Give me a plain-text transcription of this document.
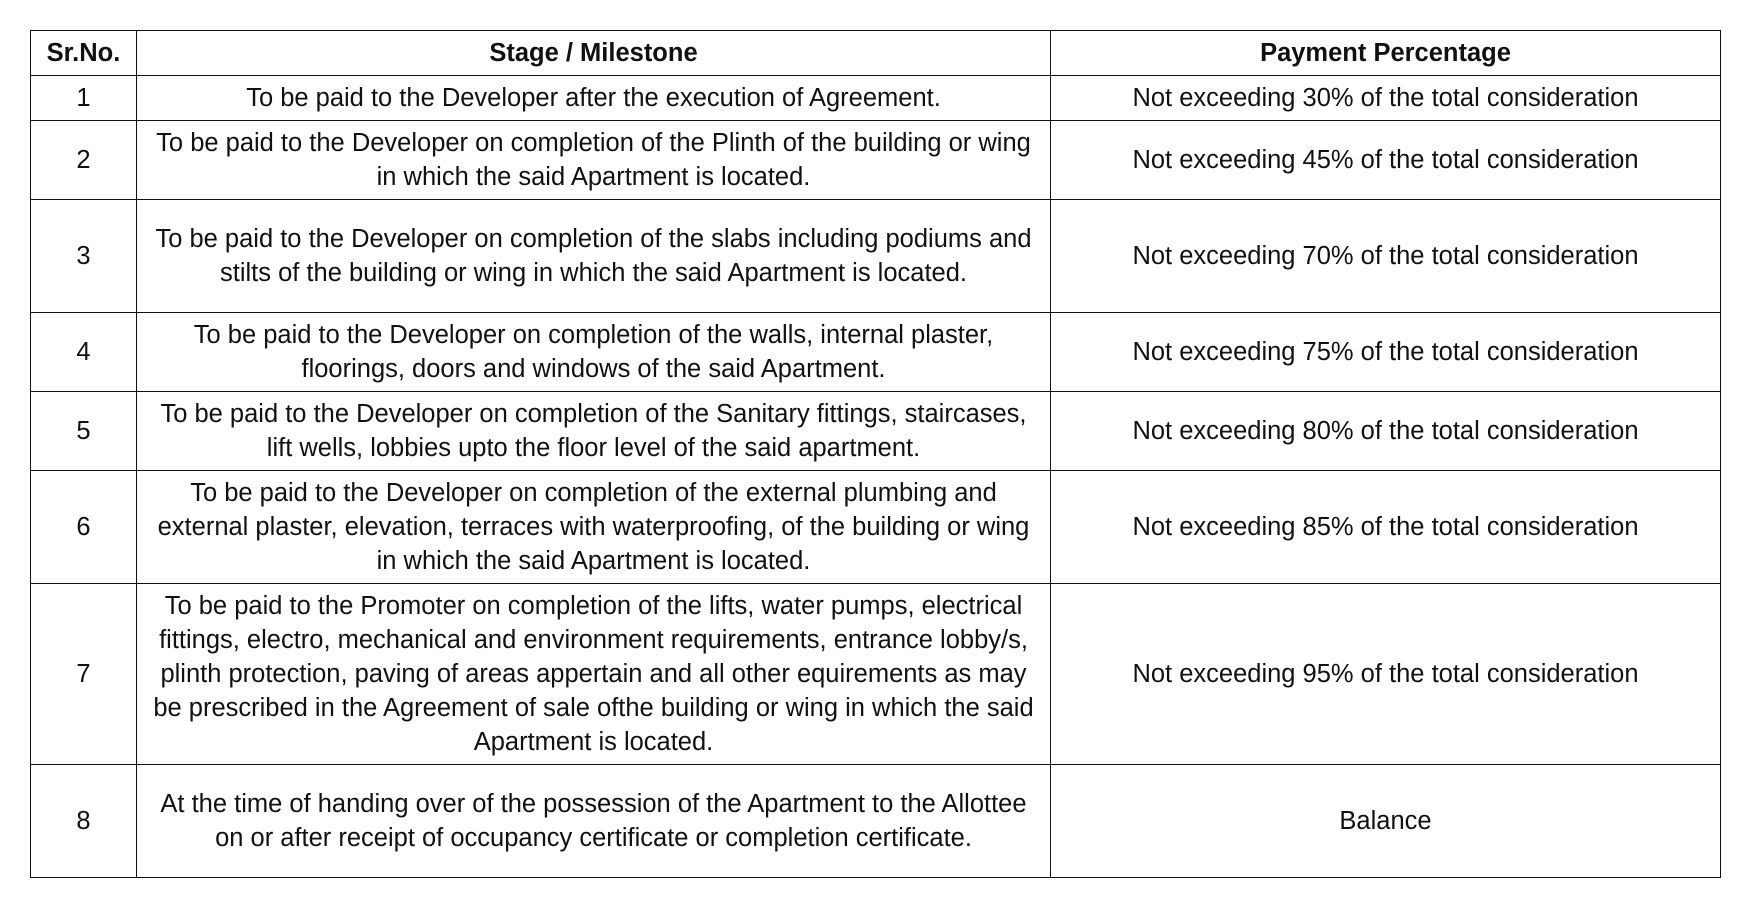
Sr.No.	Stage / Milestone	Payment Percentage
1	To be paid to the Developer after the execution of Agreement.	Not exceeding 30% of the total consideration
2	To be paid to the Developer on completion of the Plinth of the building or wing in which the said Apartment is located.	Not exceeding 45% of the total consideration
3	To be paid to the Developer on completion of the slabs including podiums and stilts of the building or wing in which the said Apartment is located.	Not exceeding 70% of the total consideration
4	To be paid to the Developer on completion of the walls, internal plaster, floorings, doors and windows of the said Apartment.	Not exceeding 75% of the total consideration
5	To be paid to the Developer on completion of the Sanitary fittings, staircases, lift wells, lobbies upto the floor level of the said apartment.	Not exceeding 80% of the total consideration
6	To be paid to the Developer on completion of the external plumbing and external plaster, elevation, terraces with waterproofing, of the building or wing in which the said Apartment is located.	Not exceeding 85% of the total consideration
7	To be paid to the Promoter on completion of the lifts, water pumps, electrical fittings, electro, mechanical and environment requirements, entrance lobby/s, plinth protection, paving of areas appertain and all other equirements as may be prescribed in the Agreement of sale ofthe building or wing in which the said Apartment is located.	Not exceeding 95% of the total consideration
8	At the time of handing over of the possession of the Apartment to the Allottee on or after receipt of occupancy certificate or completion certificate.	Balance
